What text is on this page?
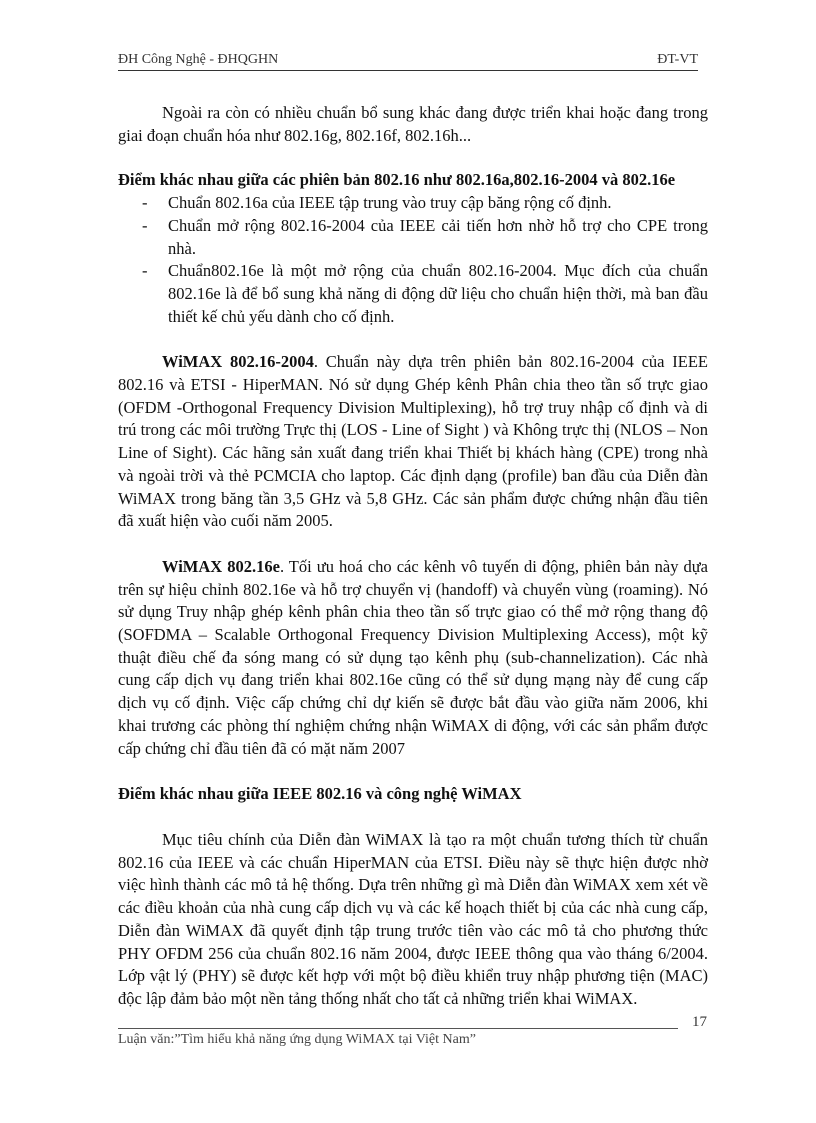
ĐH Công Nghệ - ĐHQGHN	ĐT-VT

Ngoài ra còn có nhiều chuẩn bổ sung khác đang được triển khai hoặc đang trong giai đoạn chuẩn hóa như 802.16g, 802.16f, 802.16h...

Điểm khác nhau giữa các phiên bản 802.16 như 802.16a,802.16-2004 và 802.16e

- Chuẩn 802.16a của IEEE tập trung vào truy cập băng rộng cố định.
- Chuẩn mở rộng 802.16-2004 của IEEE cải tiến hơn nhờ hỗ trợ cho CPE trong nhà.
- Chuẩn802.16e là một mở rộng của chuẩn 802.16-2004. Mục đích của chuẩn 802.16e là để bổ sung khả năng di động dữ liệu cho chuẩn hiện thời, mà ban đầu thiết kế chủ yếu dành cho cố định.

WiMAX 802.16-2004. Chuẩn này dựa trên phiên bản 802.16-2004 của IEEE 802.16 và ETSI - HiperMAN. Nó sử dụng Ghép kênh Phân chia theo tần số trực giao (OFDM -Orthogonal Frequency Division Multiplexing), hỗ trợ truy nhập cố định và di trú trong các môi trường Trực thị (LOS - Line of Sight ) và Không trực thị (NLOS – Non Line of Sight). Các hãng sản xuất đang triển khai Thiết bị khách hàng (CPE) trong nhà và ngoài trời và thẻ PCMCIA cho laptop. Các định dạng (profile) ban đầu của Diễn đàn WiMAX trong băng tần 3,5 GHz và 5,8 GHz. Các sản phẩm được chứng nhận đầu tiên đã xuất hiện vào cuối năm 2005.

WiMAX 802.16e. Tối ưu hoá cho các kênh vô tuyến di động, phiên bản này dựa trên sự hiệu chỉnh 802.16e và hỗ trợ chuyển vị (handoff) và chuyển vùng (roaming). Nó sử dụng Truy nhập ghép kênh phân chia theo tần số trực giao có thể mở rộng thang độ (SOFDMA – Scalable Orthogonal Frequency Division Multiplexing Access), một kỹ thuật điều chế đa sóng mang có sử dụng tạo kênh phụ (sub-channelization). Các nhà cung cấp dịch vụ đang triển khai 802.16e cũng có thể sử dụng mạng này để cung cấp dịch vụ cố định. Việc cấp chứng chỉ dự kiến sẽ được bắt đầu vào giữa năm 2006, khi khai trương các phòng thí nghiệm chứng nhận WiMAX di động, với các sản phẩm được cấp chứng chỉ đầu tiên đã có mặt năm 2007

Điểm khác nhau giữa IEEE 802.16 và công nghệ WiMAX

Mục tiêu chính của Diễn đàn WiMAX là tạo ra một chuẩn tương thích từ chuẩn 802.16 của IEEE và các chuẩn HiperMAN của ETSI. Điều này sẽ thực hiện được nhờ việc hình thành các mô tả hệ thống. Dựa trên những gì mà Diễn đàn WiMAX xem xét về các điều khoản của nhà cung cấp dịch vụ và các kế hoạch thiết bị của các nhà cung cấp, Diễn đàn WiMAX đã quyết định tập trung trước tiên vào các mô tả cho phương thức PHY OFDM 256 của chuẩn 802.16 năm 2004, được IEEE thông qua vào tháng 6/2004. Lớp vật lý (PHY) sẽ được kết hợp với một bộ điều khiển truy nhập phương tiện (MAC) độc lập đảm bảo một nền tảng thống nhất cho tất cả những triển khai WiMAX.

17
Luận văn:”Tìm hiểu khả năng ứng dụng WiMAX tại Việt Nam”
